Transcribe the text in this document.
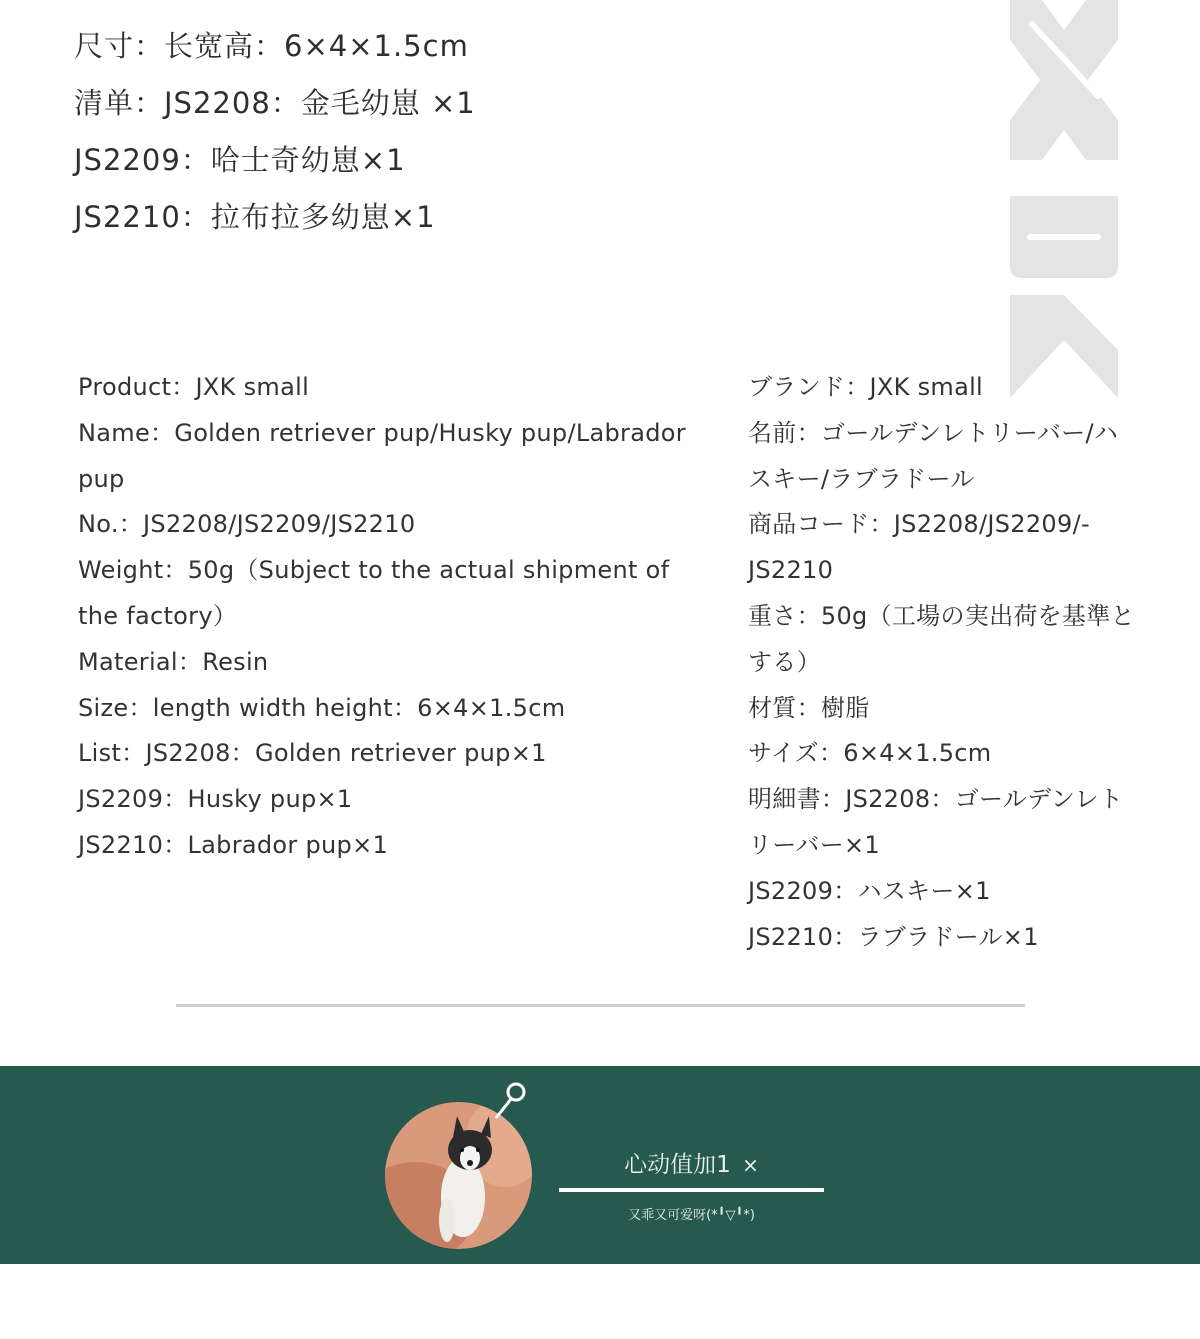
尺寸：长宽高：6×4×1.5cm
清单：JS2208：金毛幼崽 ×1
JS2209：哈士奇幼崽×1
JS2210：拉布拉多幼崽×1
Product：JXK small
Name：Golden retriever pup/Husky pup/Labrador
pup
No.：JS2208/JS2209/JS2210
Weight：50g（Subject to the actual shipment of
the factory）
Material：Resin
Size：length width height：6×4×1.5cm
List：JS2208：Golden retriever pup×1
JS2209：Husky pup×1
JS2210：Labrador pup×1
ブランド：JXK small
名前：ゴールデンレトリーバー/ハ
スキー/ラブラドール
商品コード：JS2208/JS2209/-
JS2210
重さ：50g（工場の実出荷を基準と
する）
材質：樹脂
サイズ：6×4×1.5cm
明細書：JS2208：ゴールデンレト
リーバー×1
JS2209：ハスキー×1
JS2210：ラブラドール×1
心动值加1 ×
又乖又可爱呀(*╹▽╹*)
